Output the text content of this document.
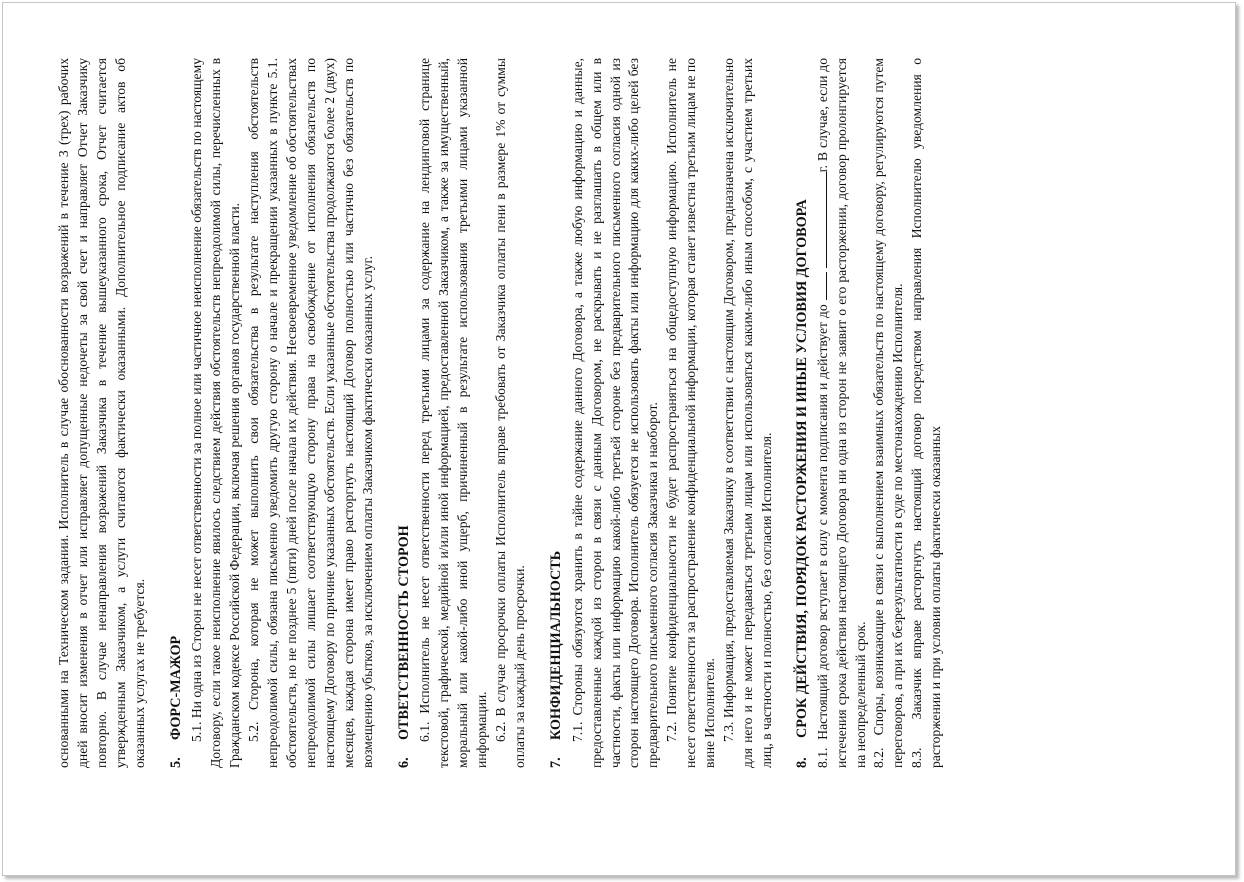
основанными на Техническом задании. Исполнитель в случае обоснованности возражений в течение 3 (трех) рабочих дней вносит изменения в отчет или исправляет допущенные недочеты за свой счет и направляет Отчет Заказчику повторно. В случае ненаправления возражений Заказчика в течение вышеуказанного срока, Отчет считается утвержденным Заказчиком, а услуги считаются фактически оказанными. Дополнительное подписание актов об оказанных услугах не требуется. 5.ФОРС-МАЖОР 5.1. Ни одна из Сторон не несет ответственности за полное или частичное неисполнение обязательств по настоящему Договору, если такое неисполнение явилось следствием действия обстоятельств непреодолимой силы, перечисленных в Гражданском кодексе Российской Федерации, включая решения органов государственной власти. 5.2. Сторона, которая не может выполнить свои обязательства в результате наступления обстоятельств непреодолимой силы, обязана письменно уведомить другую сторону о начале и прекращении указанных в пункте 5.1. обстоятельств, но не позднее 5 (пяти) дней после начала их действия. Несвоевременное уведомление об обстоятельствах непреодолимой силы лишает соответствующую сторону права на освобождение от исполнения обязательств по настоящему Договору по причине указанных обстоятельств. Если указанные обстоятельства продолжаются более 2 (двух) месяцев, каждая сторона имеет право расторгнуть настоящий Договор полностью или частично без обязательств по возмещению убытков, за исключением оплаты Заказчиком фактически оказанных услуг. 6.ОТВЕТСТВЕННОСТЬ СТОРОН 6.1. Исполнитель не несет ответственности перед третьими лицами за содержание на лендинговой странице текстовой, графической, медийной и/или иной информацией, предоставленной Заказчиком, а также за имущественный, моральный или какой-либо иной ущерб, причиненный в результате использования третьими лицами указанной информации. 6.2. В случае просрочки оплаты Исполнитель вправе требовать от Заказчика оплаты пени в размере 1% от суммы оплаты за каждый день просрочки. 7.КОНФИДЕНЦИАЛЬНОСТЬ 7.1. Стороны обязуются хранить в тайне содержание данного Договора, а также любую информацию и данные, предоставленные каждой из сторон в связи с данным Договором, не раскрывать и не разглашать в общем или в частности, факты или информацию какой-либо третьей стороне без предварительного письменного согласия одной из сторон настоящего Договора. Исполнитель обязуется не использовать факты или информацию для каких-либо целей без предварительного письменного согласия Заказчика и наоборот. 7.2. Понятие конфиденциальности не будет распространяться на общедоступную информацию. Исполнитель не несет ответственности за распространение конфиденциальной информации, которая станет известна третьим лицам не по вине Исполнителя. 7.3. Информация, предоставляемая Заказчику в соответствии с настоящим Договором, предназначена исключительно для него и не может передаваться третьим лицам или использоваться каким-либо иным способом, с участием третьих лиц, в частности и полностью, без согласия Исполнителя. 8.СРОК ДЕЙСТВИЯ, ПОРЯДОК РАСТОРЖЕНИЯ И ИНЫЕ УСЛОВИЯ ДОГОВОРА

8.1.  Настоящий договор вступает в силу с момента подписания и действует до  г. В случае, если до истечения срока действия настоящего Договора ни одна из сторон не заявит о его расторжении, договор пролонгируется на неопределенный срок. 8.2.   Споры, возникающие в связи с выполнением взаимных обязательств по настоящему договору, регулируются путем переговоров, а при их безрезультатности в суде по местонахождению Исполнителя. 8.3.   Заказчик вправе расторгнуть настоящий договор посредством направления Исполнителю уведомления о расторжении и при условии оплаты фактически оказанных
